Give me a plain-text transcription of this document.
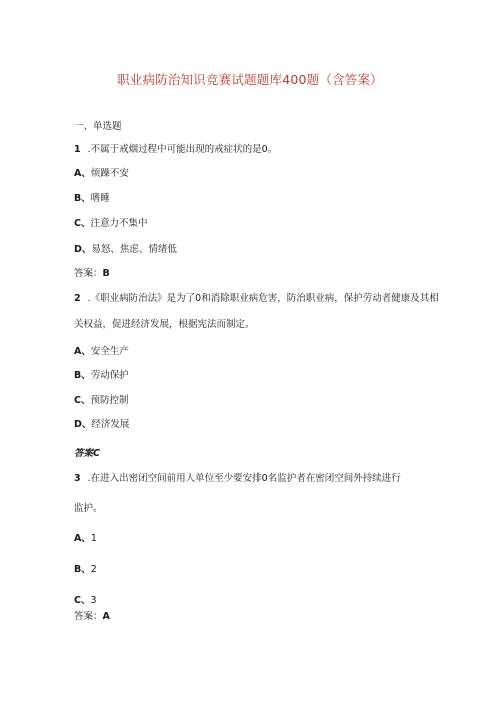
职业病防治知识竞赛试题题库400题（含答案）
一、单选题
1 .不属于戒烟过程中可能出现的戒症状的是0。
A、烦躁不安
B、嗜睡
C、注意力不集中
D、易怒、焦虑、情绪低
答案：B
2 .《职业病防治法》是为了0和消除职业病危害，防治职业病，保护劳动者健康及其相
关权益，促进经济发展，根据宪法而制定。
A、安全生产
B、劳动保护
C、预防控制
D、经济发展
答案C
3 .在进入出密闭空间前用人单位至少要安排0名监护者在密闭空间外持续进行
监护。
A、1
B、2
C、3
答案：A
